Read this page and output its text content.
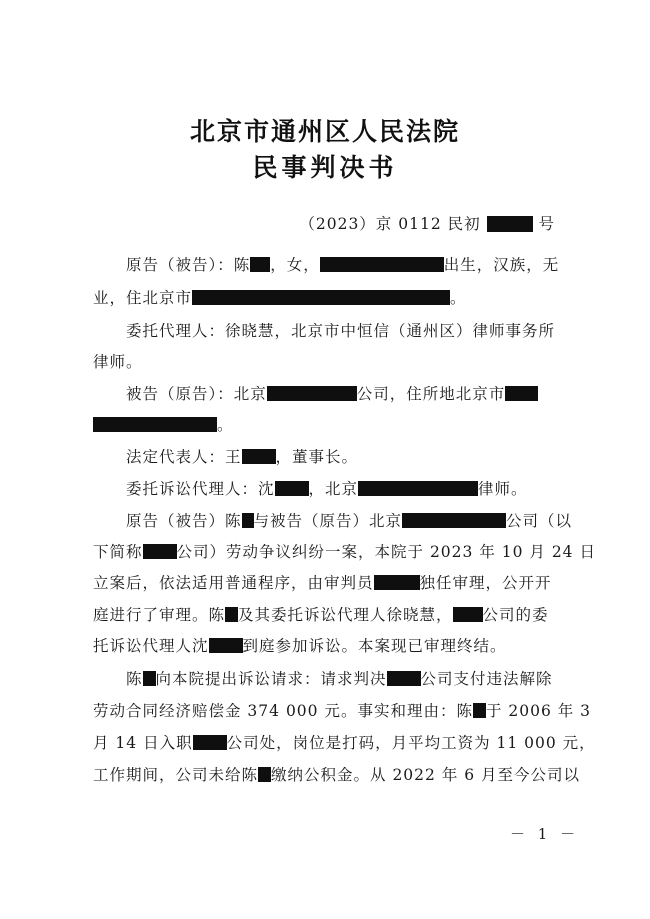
北京市通州区人民法院
民事判决书
（2023）京 0112 民初	号
原告（被告）：陈 ，女，	出生，汉族，无
业，住北京市	。
委托代理人：徐晓慧，北京市中恒信（通州区）律师事务所
律师。
被告（原告）：北京	公司，住所地北京市
。
法定代表人：王 ，董事长。
委托诉讼代理人：沈 ，北京	律师。
原告（被告）陈 与被告（原告）北京	公司（以
下简称 公司）劳动争议纠纷一案，本院于 2023 年 10 月 24 日
立案后，依法适用普通程序，由审判员	独任审理，公开开
庭进行了审理。陈 及其委托诉讼代理人徐晓慧， 公司的委
托诉讼代理人沈 到庭参加诉讼。本案现已审理终结。
陈 向本院提出诉讼请求：请求判决 公司支付违法解除
劳动合同经济赔偿金 374 000 元。事实和理由：陈 于 2006 年 3
月 14 日入职 公司处，岗位是打码，月平均工资为 11 000 元，
工作期间，公司未给陈 缴纳公积金。从 2022 年 6 月至今公司以
－ 1 －
